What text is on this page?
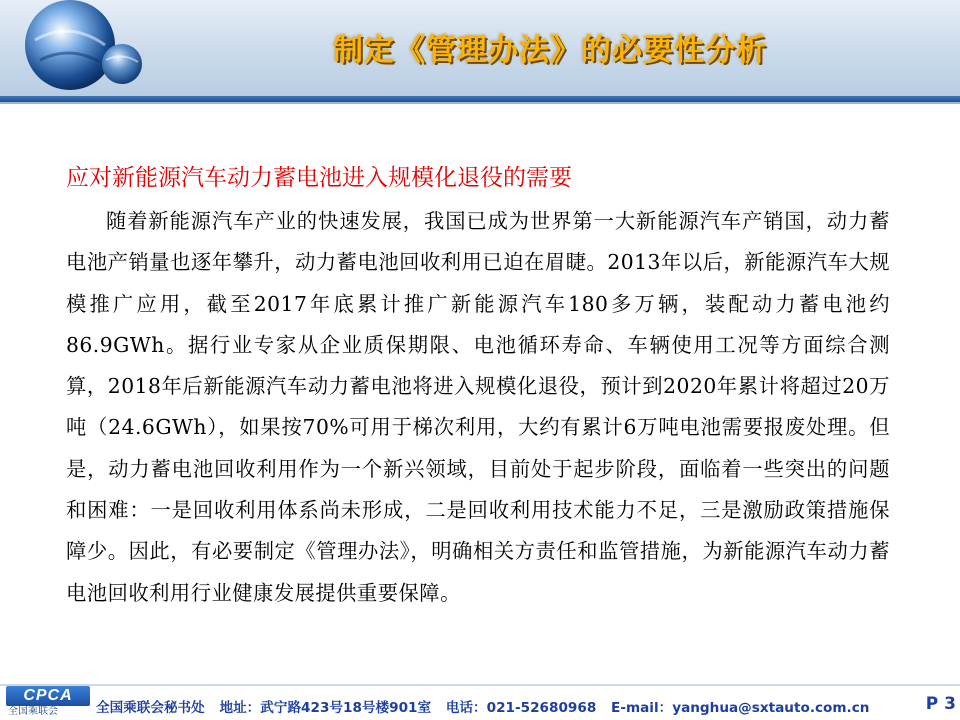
制定《管理办法》的必要性分析
应对新能源汽车动力蓄电池进入规模化退役的需要

随着新能源汽车产业的快速发展，我国已成为世界第一大新能源汽车产销国，动力蓄电池产销量也逐年攀升，动力蓄电池回收利用已迫在眉睫。2013年以后，新能源汽车大规模推广应用，截至2017年底累计推广新能源汽车180多万辆，装配动力蓄电池约86.9GWh。据行业专家从企业质保期限、电池循环寿命、车辆使用工况等方面综合测算，2018年后新能源汽车动力蓄电池将进入规模化退役，预计到2020年累计将超过20万吨（24.6GWh），如果按70%可用于梯次利用，大约有累计6万吨电池需要报废处理。但是，动力蓄电池回收利用作为一个新兴领域，目前处于起步阶段，面临着一些突出的问题和困难：一是回收利用体系尚未形成，二是回收利用技术能力不足，三是激励政策措施保障少。因此，有必要制定《管理办法》，明确相关方责任和监管措施，为新能源汽车动力蓄电池回收利用行业健康发展提供重要保障。

CPCA
全国乘联会	全国乘联会秘书处 地址：武宁路423号18号楼901室 电话：021-52680968 E-mail：yanghua@sxtauto.com.cn	P 3
